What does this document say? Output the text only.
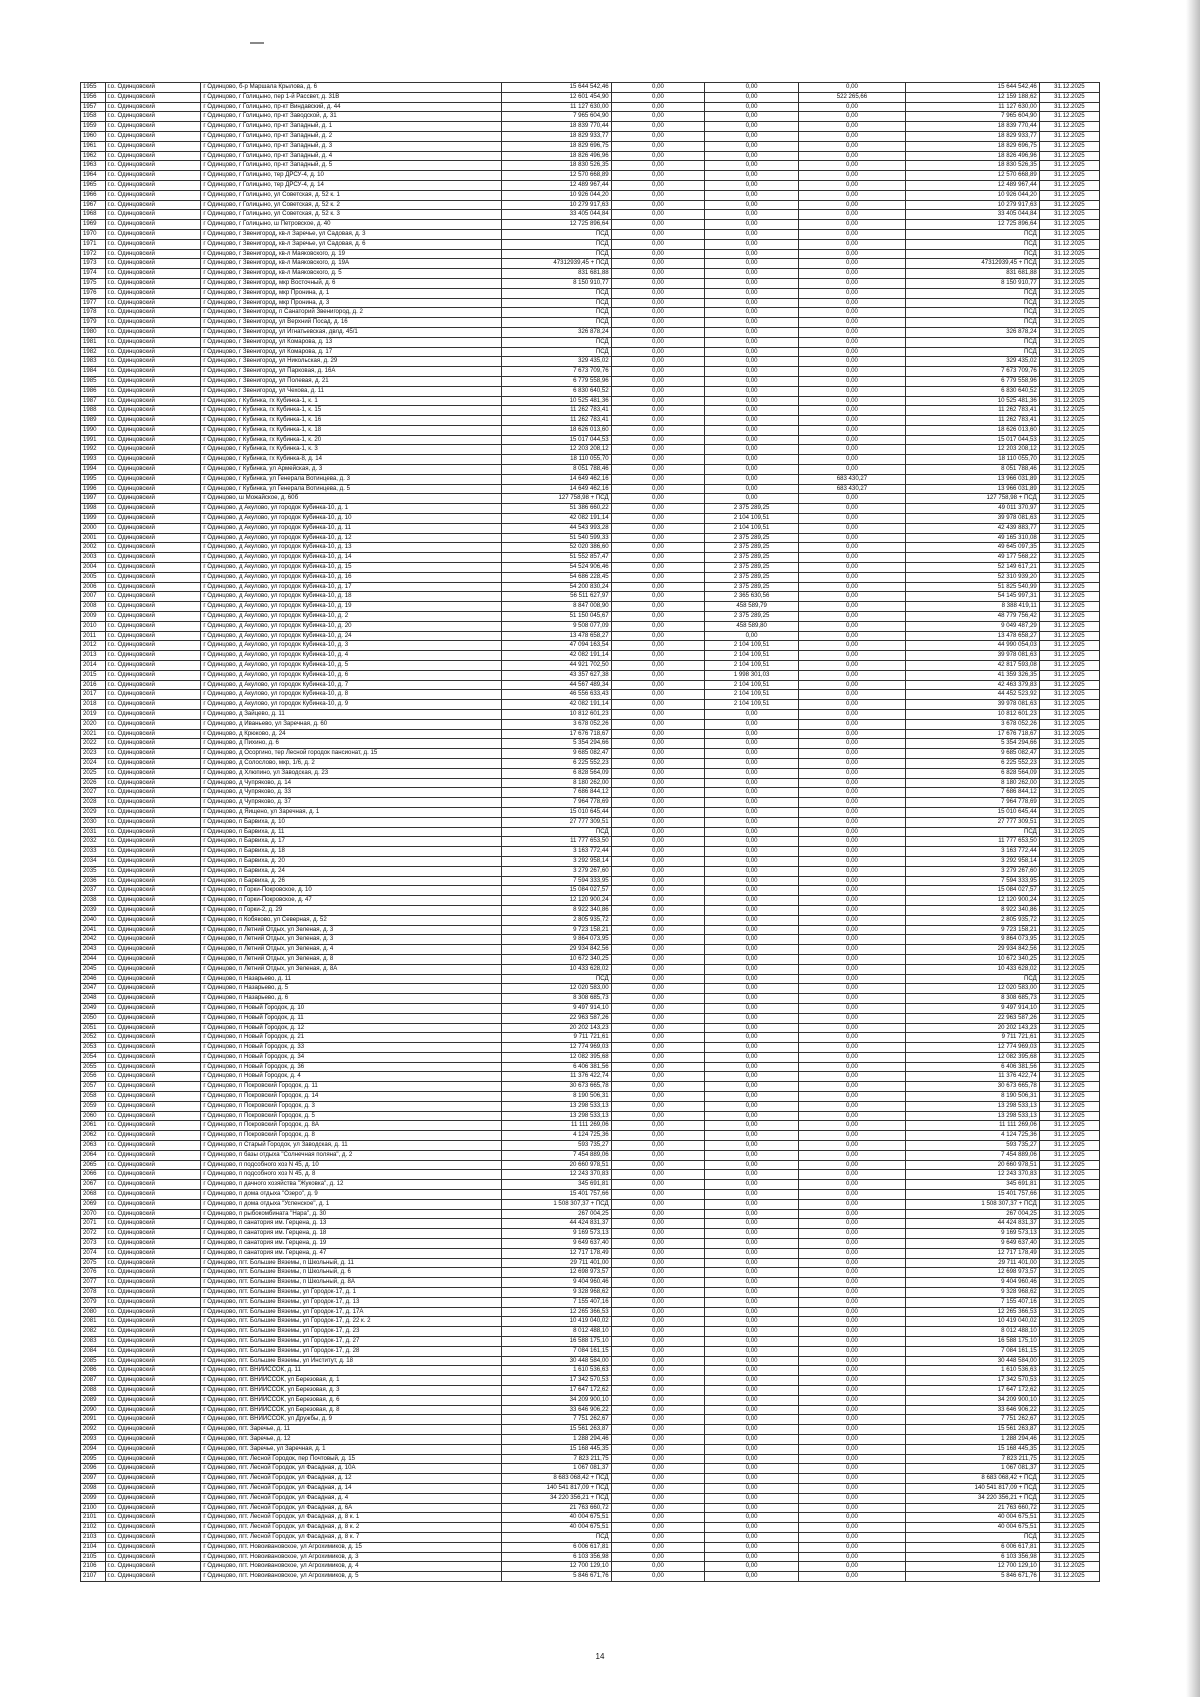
1955	г.о. Одинцовский	г Одинцово, б-р Маршала Крылова, д. 6	15 644 542,46	0,00	0,00	0,00	15 644 542,46	31.12.2025
1956	г.о. Одинцовский	г Одинцово, г Голицыно, пер 1-й Рассвет, д. 31В	12 601 454,90	0,00	0,00	522 265,66	12 159 188,62	31.12.2025
1957	г.о. Одинцовский	г Одинцово, г Голицыно, пр-кт Виндавский, д. 44	11 127 630,00	0,00	0,00	0,00	11 127 630,00	31.12.2025
1958	г.о. Одинцовский	г Одинцово, г Голицыно, пр-кт Заводской, д. 31	7 965 604,90	0,00	0,00	0,00	7 965 604,90	31.12.2025
1959	г.о. Одинцовский	г Одинцово, г Голицыно, пр-кт Западный, д. 1	18 839 770,44	0,00	0,00	0,00	18 839 770,44	31.12.2025
1960	г.о. Одинцовский	г Одинцово, г Голицыно, пр-кт Западный, д. 2	18 829 933,77	0,00	0,00	0,00	18 829 933,77	31.12.2025
1961	г.о. Одинцовский	г Одинцово, г Голицыно, пр-кт Западный, д. 3	18 829 696,75	0,00	0,00	0,00	18 829 696,75	31.12.2025
1962	г.о. Одинцовский	г Одинцово, г Голицыно, пр-кт Западный, д. 4	18 826 496,96	0,00	0,00	0,00	18 826 496,96	31.12.2025
1963	г.о. Одинцовский	г Одинцово, г Голицыно, пр-кт Западный, д. 5	18 830 526,35	0,00	0,00	0,00	18 830 526,35	31.12.2025
1964	г.о. Одинцовский	г Одинцово, г Голицыно, тер ДРСУ-4, д. 10	12 570 668,89	0,00	0,00	0,00	12 570 668,89	31.12.2025
1965	г.о. Одинцовский	г Одинцово, г Голицыно, тер ДРСУ-4, д. 14	12 489 967,44	0,00	0,00	0,00	12 489 967,44	31.12.2025
1966	г.о. Одинцовский	г Одинцово, г Голицыно, ул Советская, д. 52 к. 1	10 926 044,20	0,00	0,00	0,00	10 926 044,20	31.12.2025
1967	г.о. Одинцовский	г Одинцово, г Голицыно, ул Советская, д. 52 к. 2	10 279 917,63	0,00	0,00	0,00	10 279 917,63	31.12.2025
1968	г.о. Одинцовский	г Одинцово, г Голицыно, ул Советская, д. 52 к. 3	33 405 044,84	0,00	0,00	0,00	33 405 044,84	31.12.2025
1969	г.о. Одинцовский	г Одинцово, г Голицыно, ш Петровское, д. 40	12 725 896,64	0,00	0,00	0,00	12 725 896,64	31.12.2025
1970	г.о. Одинцовский	г Одинцово, г Звенигород, кв-л Заречье, ул Садовая, д. 3	ПСД	0,00	0,00	0,00	ПСД	31.12.2025
1971	г.о. Одинцовский	г Одинцово, г Звенигород, кв-л Заречье, ул Садовая, д. 6	ПСД	0,00	0,00	0,00	ПСД	31.12.2025
1972	г.о. Одинцовский	г Одинцово, г Звенигород, кв-л Маяковского, д. 19	ПСД	0,00	0,00	0,00	ПСД	31.12.2025
1973	г.о. Одинцовский	г Одинцово, г Звенигород, кв-л Маяковского, д. 19А	47312939,45 + ПСД	0,00	0,00	0,00	47312939,45 + ПСД	31.12.2025
1974	г.о. Одинцовский	г Одинцово, г Звенигород, кв-л Маяковского, д. 5	831 681,88	0,00	0,00	0,00	831 681,88	31.12.2025
1975	г.о. Одинцовский	г Одинцово, г Звенигород, мкр Восточный, д. 6	8 150 910,77	0,00	0,00	0,00	8 150 910,77	31.12.2025
1976	г.о. Одинцовский	г Одинцово, г Звенигород, мкр Пронина, д. 1	ПСД	0,00	0,00	0,00	ПСД	31.12.2025
1977	г.о. Одинцовский	г Одинцово, г Звенигород, мкр Пронина, д. 3	ПСД	0,00	0,00	0,00	ПСД	31.12.2025
1978	г.о. Одинцовский	г Одинцово, г Звенигород, п Санаторий Звенигород, д. 2	ПСД	0,00	0,00	0,00	ПСД	31.12.2025
1979	г.о. Одинцовский	г Одинцово, г Звенигород, ул Верхний Посад, д. 16	ПСД	0,00	0,00	0,00	ПСД	31.12.2025
1980	г.о. Одинцовский	г Одинцово, г Звенигород, ул Игнатьевская, двлд. 45/1	326 878,24	0,00	0,00	0,00	326 878,24	31.12.2025
1981	г.о. Одинцовский	г Одинцово, г Звенигород, ул Комарова, д. 13	ПСД	0,00	0,00	0,00	ПСД	31.12.2025
1982	г.о. Одинцовский	г Одинцово, г Звенигород, ул Комарова, д. 17	ПСД	0,00	0,00	0,00	ПСД	31.12.2025
1983	г.о. Одинцовский	г Одинцово, г Звенигород, ул Никольская, д. 29	329 435,02	0,00	0,00	0,00	329 435,02	31.12.2025
1984	г.о. Одинцовский	г Одинцово, г Звенигород, ул Парковая, д. 16А	7 673 709,76	0,00	0,00	0,00	7 673 709,76	31.12.2025
1985	г.о. Одинцовский	г Одинцово, г Звенигород, ул Полевая, д. 21	6 779 558,96	0,00	0,00	0,00	6 779 558,96	31.12.2025
1986	г.о. Одинцовский	г Одинцово, г Звенигород, ул Чехова, д. 11	6 830 640,52	0,00	0,00	0,00	6 830 640,52	31.12.2025
1987	г.о. Одинцовский	г Одинцово, г Кубинка, гх Кубинка-1, к. 1	10 525 481,36	0,00	0,00	0,00	10 525 481,36	31.12.2025
1988	г.о. Одинцовский	г Одинцово, г Кубинка, гх Кубинка-1, к. 15	11 262 783,41	0,00	0,00	0,00	11 262 783,41	31.12.2025
1989	г.о. Одинцовский	г Одинцово, г Кубинка, гх Кубинка-1, к. 16	11 262 783,41	0,00	0,00	0,00	11 262 783,41	31.12.2025
1990	г.о. Одинцовский	г Одинцово, г Кубинка, гх Кубинка-1, к. 18	18 626 013,60	0,00	0,00	0,00	18 626 013,60	31.12.2025
1991	г.о. Одинцовский	г Одинцово, г Кубинка, гх Кубинка-1, к. 20	15 017 044,53	0,00	0,00	0,00	15 017 044,53	31.12.2025
1992	г.о. Одинцовский	г Одинцово, г Кубинка, гх Кубинка-1, к. 3	12 203 208,12	0,00	0,00	0,00	12 203 208,12	31.12.2025
1993	г.о. Одинцовский	г Одинцово, г Кубинка, гх Кубинка-8, д. 14	18 110 055,70	0,00	0,00	0,00	18 110 055,70	31.12.2025
1994	г.о. Одинцовский	г Одинцово, г Кубинка, ул Армейская, д. 3	8 051 788,46	0,00	0,00	0,00	8 051 788,46	31.12.2025
1995	г.о. Одинцовский	г Одинцово, г Кубинка, ул Генерала Вотинцева, д. 3	14 649 462,16	0,00	0,00	683 430,27	13 966 031,89	31.12.2025
1996	г.о. Одинцовский	г Одинцово, г Кубинка, ул Генерала Вотинцева, д. 5	14 649 462,16	0,00	0,00	683 430,27	13 966 031,89	31.12.2025
1997	г.о. Одинцовский	г Одинцово, ш Можайское, д. 60б	127 758,98 + ПСД	0,00	0,00	0,00	127 758,98 + ПСД	31.12.2025
1998	г.о. Одинцовский	г Одинцово, д Акулово, ул городок Кубинка-10, д. 1	51 386 660,22	0,00	2 375 289,25	0,00	49 011 370,97	31.12.2025
1999	г.о. Одинцовский	г Одинцово, д Акулово, ул городок Кубинка-10, д. 10	42 082 191,14	0,00	2 104 109,51	0,00	39 978 081,63	31.12.2025
2000	г.о. Одинцовский	г Одинцово, д Акулово, ул городок Кубинка-10, д. 11	44 543 993,28	0,00	2 104 109,51	0,00	42 439 883,77	31.12.2025
2001	г.о. Одинцовский	г Одинцово, д Акулово, ул городок Кубинка-10, д. 12	51 540 599,33	0,00	2 375 289,25	0,00	49 165 310,08	31.12.2025
2002	г.о. Одинцовский	г Одинцово, д Акулово, ул городок Кубинка-10, д. 13	52 020 386,60	0,00	2 375 289,25	0,00	49 645 097,35	31.12.2025
2003	г.о. Одинцовский	г Одинцово, д Акулово, ул городок Кубинка-10, д. 14	51 552 857,47	0,00	2 375 289,25	0,00	49 177 568,22	31.12.2025
2004	г.о. Одинцовский	г Одинцово, д Акулово, ул городок Кубинка-10, д. 15	54 524 906,46	0,00	2 375 289,25	0,00	52 149 617,21	31.12.2025
2005	г.о. Одинцовский	г Одинцово, д Акулово, ул городок Кубинка-10, д. 16	54 686 228,45	0,00	2 375 289,25	0,00	52 310 939,20	31.12.2025
2006	г.о. Одинцовский	г Одинцово, д Акулово, ул городок Кубинка-10, д. 17	54 200 830,24	0,00	2 375 289,25	0,00	51 825 540,99	31.12.2025
2007	г.о. Одинцовский	г Одинцово, д Акулово, ул городок Кубинка-10, д. 18	56 511 627,97	0,00	2 365 630,56	0,00	54 145 997,31	31.12.2025
2008	г.о. Одинцовский	г Одинцово, д Акулово, ул городок Кубинка-10, д. 19	8 847 008,90	0,00	458 589,79	0,00	8 388 419,11	31.12.2025
2009	г.о. Одинцовский	г Одинцово, д Акулово, ул городок Кубинка-10, д. 2	51 150 045,67	0,00	2 375 289,25	0,00	48 779 756,42	31.12.2025
2010	г.о. Одинцовский	г Одинцово, д Акулово, ул городок Кубинка-10, д. 20	9 508 077,09	0,00	458 589,80	0,00	9 049 487,29	31.12.2025
2011	г.о. Одинцовский	г Одинцово, д Акулово, ул городок Кубинка-10, д. 24	13 478 658,27	0,00	0,00	0,00	13 478 658,27	31.12.2025
2012	г.о. Одинцовский	г Одинцово, д Акулово, ул городок Кубинка-10, д. 3	47 094 163,54	0,00	2 104 109,51	0,00	44 990 054,03	31.12.2025
2013	г.о. Одинцовский	г Одинцово, д Акулово, ул городок Кубинка-10, д. 4	42 082 191,14	0,00	2 104 109,51	0,00	39 978 081,63	31.12.2025
2014	г.о. Одинцовский	г Одинцово, д Акулово, ул городок Кубинка-10, д. 5	44 921 702,50	0,00	2 104 109,51	0,00	42 817 593,08	31.12.2025
2015	г.о. Одинцовский	г Одинцово, д Акулово, ул городок Кубинка-10, д. 6	43 357 627,38	0,00	1 998 301,03	0,00	41 359 326,35	31.12.2025
2016	г.о. Одинцовский	г Одинцово, д Акулово, ул городок Кубинка-10, д. 7	44 567 489,34	0,00	2 104 109,51	0,00	42 463 379,83	31.12.2025
2017	г.о. Одинцовский	г Одинцово, д Акулово, ул городок Кубинка-10, д. 8	46 556 633,43	0,00	2 104 109,51	0,00	44 452 523,92	31.12.2025
2018	г.о. Одинцовский	г Одинцово, д Акулово, ул городок Кубинка-10, д. 9	42 082 191,14	0,00	2 104 109,51	0,00	39 978 081,63	31.12.2025
2019	г.о. Одинцовский	г Одинцово, д Зайцево, д. 11	10 812 601,23	0,00	0,00	0,00	10 812 601,23	31.12.2025
2020	г.о. Одинцовский	г Одинцово, д Иваньево, ул Заречная, д. 60	3 678 052,26	0,00	0,00	0,00	3 678 052,26	31.12.2025
2021	г.о. Одинцовский	г Одинцово, д Крюково, д. 24	17 676 718,67	0,00	0,00	0,00	17 676 718,67	31.12.2025
2022	г.о. Одинцовский	г Одинцово, д Пихино, д. 6	5 354 294,66	0,00	0,00	0,00	5 354 294,66	31.12.2025
2023	г.о. Одинцовский	г Одинцово, д Осоргино, тер Лесной городок пансионат, д. 15	9 685 082,47	0,00	0,00	0,00	9 685 082,47	31.12.2025
2024	г.о. Одинцовский	г Одинцово, д Солослово, мкр, 1/6, д. 2	6 225 552,23	0,00	0,00	0,00	6 225 552,23	31.12.2025
2025	г.о. Одинцовский	г Одинцово, д Хлюпино, ул Заводская, д. 23	6 828 564,09	0,00	0,00	0,00	6 828 564,09	31.12.2025
2026	г.о. Одинцовский	г Одинцово, д Чупряково, д. 14	8 180 262,00	0,00	0,00	0,00	8 180 262,00	31.12.2025
2027	г.о. Одинцовский	г Одинцово, д Чупряково, д. 33	7 686 844,12	0,00	0,00	0,00	7 686 844,12	31.12.2025
2028	г.о. Одинцовский	г Одинцово, д Чупряково, д. 37	7 964 778,69	0,00	0,00	0,00	7 964 778,69	31.12.2025
2029	г.о. Одинцовский	г Одинцово, д Яищено, ул Заречная, д. 1	15 010 645,44	0,00	0,00	0,00	15 010 645,44	31.12.2025
2030	г.о. Одинцовский	г Одинцово, п Барвиха, д. 10	27 777 309,51	0,00	0,00	0,00	27 777 309,51	31.12.2025
2031	г.о. Одинцовский	г Одинцово, п Барвиха, д. 11	ПСД	0,00	0,00	0,00	ПСД	31.12.2025
2032	г.о. Одинцовский	г Одинцово, п Барвиха, д. 17	11 777 653,50	0,00	0,00	0,00	11 777 653,50	31.12.2025
2033	г.о. Одинцовский	г Одинцово, п Барвиха, д. 18	3 163 772,44	0,00	0,00	0,00	3 163 772,44	31.12.2025
2034	г.о. Одинцовский	г Одинцово, п Барвиха, д. 20	3 292 958,14	0,00	0,00	0,00	3 292 958,14	31.12.2025
2035	г.о. Одинцовский	г Одинцово, п Барвиха, д. 24	3 279 267,60	0,00	0,00	0,00	3 279 267,60	31.12.2025
2036	г.о. Одинцовский	г Одинцово, п Барвиха, д. 26	7 594 333,95	0,00	0,00	0,00	7 594 333,95	31.12.2025
2037	г.о. Одинцовский	г Одинцово, п Горки-Покровское, д. 10	15 084 027,57	0,00	0,00	0,00	15 084 027,57	31.12.2025
2038	г.о. Одинцовский	г Одинцово, п Горки-Покровское, д. 47	12 120 900,24	0,00	0,00	0,00	12 120 900,24	31.12.2025
2039	г.о. Одинцовский	г Одинцово, п Горки-2, д. 29	8 922 340,86	0,00	0,00	0,00	8 922 340,86	31.12.2025
2040	г.о. Одинцовский	г Одинцово, п Кобяково, ул Северная, д. 52	2 805 935,72	0,00	0,00	0,00	2 805 935,72	31.12.2025
2041	г.о. Одинцовский	г Одинцово, п Летний Отдых, ул Зеленая, д. 3	9 723 158,21	0,00	0,00	0,00	9 723 158,21	31.12.2025
2042	г.о. Одинцовский	г Одинцово, п Летний Отдых, ул Зеленая, д. 3	9 864 073,95	0,00	0,00	0,00	9 864 073,95	31.12.2025
2043	г.о. Одинцовский	г Одинцово, п Летний Отдых, ул Зеленая, д. 4	29 934 842,56	0,00	0,00	0,00	29 934 842,56	31.12.2025
2044	г.о. Одинцовский	г Одинцово, п Летний Отдых, ул Зеленая, д. 8	10 672 340,25	0,00	0,00	0,00	10 672 340,25	31.12.2025
2045	г.о. Одинцовский	г Одинцово, п Летний Отдых, ул Зеленая, д. 8А	10 433 628,02	0,00	0,00	0,00	10 433 628,02	31.12.2025
2046	г.о. Одинцовский	г Одинцово, п Назарьево, д. 11	ПСД	0,00	0,00	0,00	ПСД	31.12.2025
2047	г.о. Одинцовский	г Одинцово, п Назарьево, д. 5	12 020 583,00	0,00	0,00	0,00	12 020 583,00	31.12.2025
2048	г.о. Одинцовский	г Одинцово, п Назарьево, д. 6	8 308 685,73	0,00	0,00	0,00	8 308 685,73	31.12.2025
2049	г.о. Одинцовский	г Одинцово, п Новый Городок, д. 10	9 497 914,10	0,00	0,00	0,00	9 497 914,10	31.12.2025
2050	г.о. Одинцовский	г Одинцово, п Новый Городок, д. 11	22 963 587,26	0,00	0,00	0,00	22 963 587,26	31.12.2025
2051	г.о. Одинцовский	г Одинцово, п Новый Городок, д. 12	20 202 143,23	0,00	0,00	0,00	20 202 143,23	31.12.2025
2052	г.о. Одинцовский	г Одинцово, п Новый Городок, д. 21	9 711 721,61	0,00	0,00	0,00	9 711 721,61	31.12.2025
2053	г.о. Одинцовский	г Одинцово, п Новый Городок, д. 33	12 774 969,03	0,00	0,00	0,00	12 774 969,03	31.12.2025
2054	г.о. Одинцовский	г Одинцово, п Новый Городок, д. 34	12 082 395,68	0,00	0,00	0,00	12 082 395,68	31.12.2025
2055	г.о. Одинцовский	г Одинцово, п Новый Городок, д. 36	6 406 381,56	0,00	0,00	0,00	6 406 381,56	31.12.2025
2056	г.о. Одинцовский	г Одинцово, п Новый Городок, д. 4	11 376 422,74	0,00	0,00	0,00	11 376 422,74	31.12.2025
2057	г.о. Одинцовский	г Одинцово, п Покровский Городок, д. 11	30 673 665,78	0,00	0,00	0,00	30 673 665,78	31.12.2025
2058	г.о. Одинцовский	г Одинцово, п Покровский Городок, д. 14	8 190 506,31	0,00	0,00	0,00	8 190 506,31	31.12.2025
2059	г.о. Одинцовский	г Одинцово, п Покровский Городок, д. 3	13 298 533,13	0,00	0,00	0,00	13 298 533,13	31.12.2025
2060	г.о. Одинцовский	г Одинцово, п Покровский Городок, д. 5	13 298 533,13	0,00	0,00	0,00	13 298 533,13	31.12.2025
2061	г.о. Одинцовский	г Одинцово, п Покровский Городок, д. 8А	11 111 269,06	0,00	0,00	0,00	11 111 269,06	31.12.2025
2062	г.о. Одинцовский	г Одинцово, п Покровский Городок, д. 8	4 124 725,36	0,00	0,00	0,00	4 124 725,36	31.12.2025
2063	г.о. Одинцовский	г Одинцово, п Старый Городок, ул Заводская, д. 11	593 735,27	0,00	0,00	0,00	593 735,27	31.12.2025
2064	г.о. Одинцовский	г Одинцово, п базы отдыха "Солнечная поляна", д. 2	7 454 889,06	0,00	0,00	0,00	7 454 889,06	31.12.2025
2065	г.о. Одинцовский	г Одинцово, п подсобного хоз N 45, д. 10	20 660 978,51	0,00	0,00	0,00	20 660 978,51	31.12.2025
2066	г.о. Одинцовский	г Одинцово, п подсобного хоз N 45, д. 8	12 243 370,83	0,00	0,00	0,00	12 243 370,83	31.12.2025
2067	г.о. Одинцовский	г Одинцово, п дачного хозяйства "Жуковка", д. 12	345 691,81	0,00	0,00	0,00	345 691,81	31.12.2025
2068	г.о. Одинцовский	г Одинцово, п дома отдыха "Озеро", д. 9	15 401 757,66	0,00	0,00	0,00	15 401 757,66	31.12.2025
2069	г.о. Одинцовский	г Одинцово, п дома отдыха "Успенское", д. 1	1 508 307,37 + ПСД	0,00	0,00	0,00	1 508 307,37 + ПСД	31.12.2025
2070	г.о. Одинцовский	г Одинцово, п рыбокомбината "Нара", д. 30	267 004,25	0,00	0,00	0,00	267 004,25	31.12.2025
2071	г.о. Одинцовский	г Одинцово, п санатория им. Герцена, д. 13	44 424 831,37	0,00	0,00	0,00	44 424 831,37	31.12.2025
2072	г.о. Одинцовский	г Одинцово, п санатория им. Герцена, д. 18	9 169 573,13	0,00	0,00	0,00	9 169 573,13	31.12.2025
2073	г.о. Одинцовский	г Одинцово, п санатория им. Герцена, д. 19	9 649 637,40	0,00	0,00	0,00	9 649 637,40	31.12.2025
2074	г.о. Одинцовский	г Одинцово, п санатория им. Герцена, д. 47	12 717 178,49	0,00	0,00	0,00	12 717 178,49	31.12.2025
2075	г.о. Одинцовский	г Одинцово, пгт. Большие Вяземы, п Школьный, д. 11	29 711 401,00	0,00	0,00	0,00	29 711 401,00	31.12.2025
2076	г.о. Одинцовский	г Одинцово, пгт. Большие Вяземы, п Школьный, д. 6	12 698 973,57	0,00	0,00	0,00	12 698 973,57	31.12.2025
2077	г.о. Одинцовский	г Одинцово, пгт. Большие Вяземы, п Школьный, д. 8А	9 404 960,46	0,00	0,00	0,00	9 404 960,46	31.12.2025
2078	г.о. Одинцовский	г Одинцово, пгт. Большие Вяземы, ул Городок-17, д. 1	9 328 968,62	0,00	0,00	0,00	9 328 968,62	31.12.2025
2079	г.о. Одинцовский	г Одинцово, пгт. Большие Вяземы, ул Городок-17, д. 13	7 155 407,16	0,00	0,00	0,00	7 155 407,16	31.12.2025
2080	г.о. Одинцовский	г Одинцово, пгт. Большие Вяземы, ул Городок-17, д. 17А	12 265 366,53	0,00	0,00	0,00	12 265 366,53	31.12.2025
2081	г.о. Одинцовский	г Одинцово, пгт. Большие Вяземы, ул Городок-17, д. 22 к. 2	10 419 040,02	0,00	0,00	0,00	10 419 040,02	31.12.2025
2082	г.о. Одинцовский	г Одинцово, пгт. Большие Вяземы, ул Городок-17, д. 23	8 012 488,10	0,00	0,00	0,00	8 012 488,10	31.12.2025
2083	г.о. Одинцовский	г Одинцово, пгт. Большие Вяземы, ул Городок-17, д. 27	16 588 175,10	0,00	0,00	0,00	16 588 175,10	31.12.2025
2084	г.о. Одинцовский	г Одинцово, пгт. Большие Вяземы, ул Городок-17, д. 28	7 084 161,15	0,00	0,00	0,00	7 084 161,15	31.12.2025
2085	г.о. Одинцовский	г Одинцово, пгт. Большие Вяземы, ул Институт, д. 18	30 448 584,00	0,00	0,00	0,00	30 448 584,00	31.12.2025
2086	г.о. Одинцовский	г Одинцово, пгт. ВНИИССОК, д. 11	1 610 536,63	0,00	0,00	0,00	1 610 536,63	31.12.2025
2087	г.о. Одинцовский	г Одинцово, пгт. ВНИИССОК, ул Березовая, д. 1	17 342 570,53	0,00	0,00	0,00	17 342 570,53	31.12.2025
2088	г.о. Одинцовский	г Одинцово, пгт. ВНИИССОК, ул Березовая, д. 3	17 647 172,62	0,00	0,00	0,00	17 647 172,62	31.12.2025
2089	г.о. Одинцовский	г Одинцово, пгт. ВНИИССОК, ул Березовая, д. 6	34 209 900,10	0,00	0,00	0,00	34 209 900,10	31.12.2025
2090	г.о. Одинцовский	г Одинцово, пгт. ВНИИССОК, ул Березовая, д. 8	33 646 906,22	0,00	0,00	0,00	33 646 906,22	31.12.2025
2091	г.о. Одинцовский	г Одинцово, пгт. ВНИИССОК, ул Дружбы, д. 9	7 751 262,67	0,00	0,00	0,00	7 751 262,67	31.12.2025
2092	г.о. Одинцовский	г Одинцово, пгт. Заречье, д. 11	15 561 263,87	0,00	0,00	0,00	15 561 263,87	31.12.2025
2093	г.о. Одинцовский	г Одинцово, пгт. Заречье, д. 12	1 288 294,46	0,00	0,00	0,00	1 288 294,46	31.12.2025
2094	г.о. Одинцовский	г Одинцово, пгт. Заречье, ул Заречная, д. 1	15 168 445,35	0,00	0,00	0,00	15 168 445,35	31.12.2025
2095	г.о. Одинцовский	г Одинцово, пгт. Лесной Городок, пер Почтовый, д. 15	7 823 211,75	0,00	0,00	0,00	7 823 211,75	31.12.2025
2096	г.о. Одинцовский	г Одинцово, пгт. Лесной Городок, ул Фасадная, д. 10А	1 067 081,37	0,00	0,00	0,00	1 067 081,37	31.12.2025
2097	г.о. Одинцовский	г Одинцово, пгт. Лесной Городок, ул Фасадная, д. 12	8 683 068,42 + ПСД	0,00	0,00	0,00	8 683 068,42 + ПСД	31.12.2025
2098	г.о. Одинцовский	г Одинцово, пгт. Лесной Городок, ул Фасадная, д. 14	140 541 817,09 + ПСД	0,00	0,00	0,00	140 541 817,09 + ПСД	31.12.2025
2099	г.о. Одинцовский	г Одинцово, пгт. Лесной Городок, ул Фасадная, д. 4	34 220 356,21 + ПСД	0,00	0,00	0,00	34 220 356,21 + ПСД	31.12.2025
2100	г.о. Одинцовский	г Одинцово, пгт. Лесной Городок, ул Фасадная, д. 6А	21 763 660,72	0,00	0,00	0,00	21 763 660,72	31.12.2025
2101	г.о. Одинцовский	г Одинцово, пгт. Лесной Городок, ул Фасадная, д. 8 к. 1	40 004 675,51	0,00	0,00	0,00	40 004 675,51	31.12.2025
2102	г.о. Одинцовский	г Одинцово, пгт. Лесной Городок, ул Фасадная, д. 8 к. 2	40 004 675,51	0,00	0,00	0,00	40 004 675,51	31.12.2025
2103	г.о. Одинцовский	г Одинцово, пгт. Лесной Городок, ул Фасадная, д. 8 к. 7	ПСД	0,00	0,00	0,00	ПСД	31.12.2025
2104	г.о. Одинцовский	г Одинцово, пгт. Новоивановское, ул Агрохимиков, д. 15	6 006 617,81	0,00	0,00	0,00	6 006 617,81	31.12.2025
2105	г.о. Одинцовский	г Одинцово, пгт. Новоивановское, ул Агрохимиков, д. 3	6 103 356,98	0,00	0,00	0,00	6 103 356,98	31.12.2025
2106	г.о. Одинцовский	г Одинцово, пгт. Новоивановское, ул Агрохимиков, д. 4	12 700 129,10	0,00	0,00	0,00	12 700 129,10	31.12.2025
2107	г.о. Одинцовский	г Одинцово, пгт. Новоивановское, ул Агрохимиков, д. 5	5 846 671,76	0,00	0,00	0,00	5 846 671,76	31.12.2025
14
